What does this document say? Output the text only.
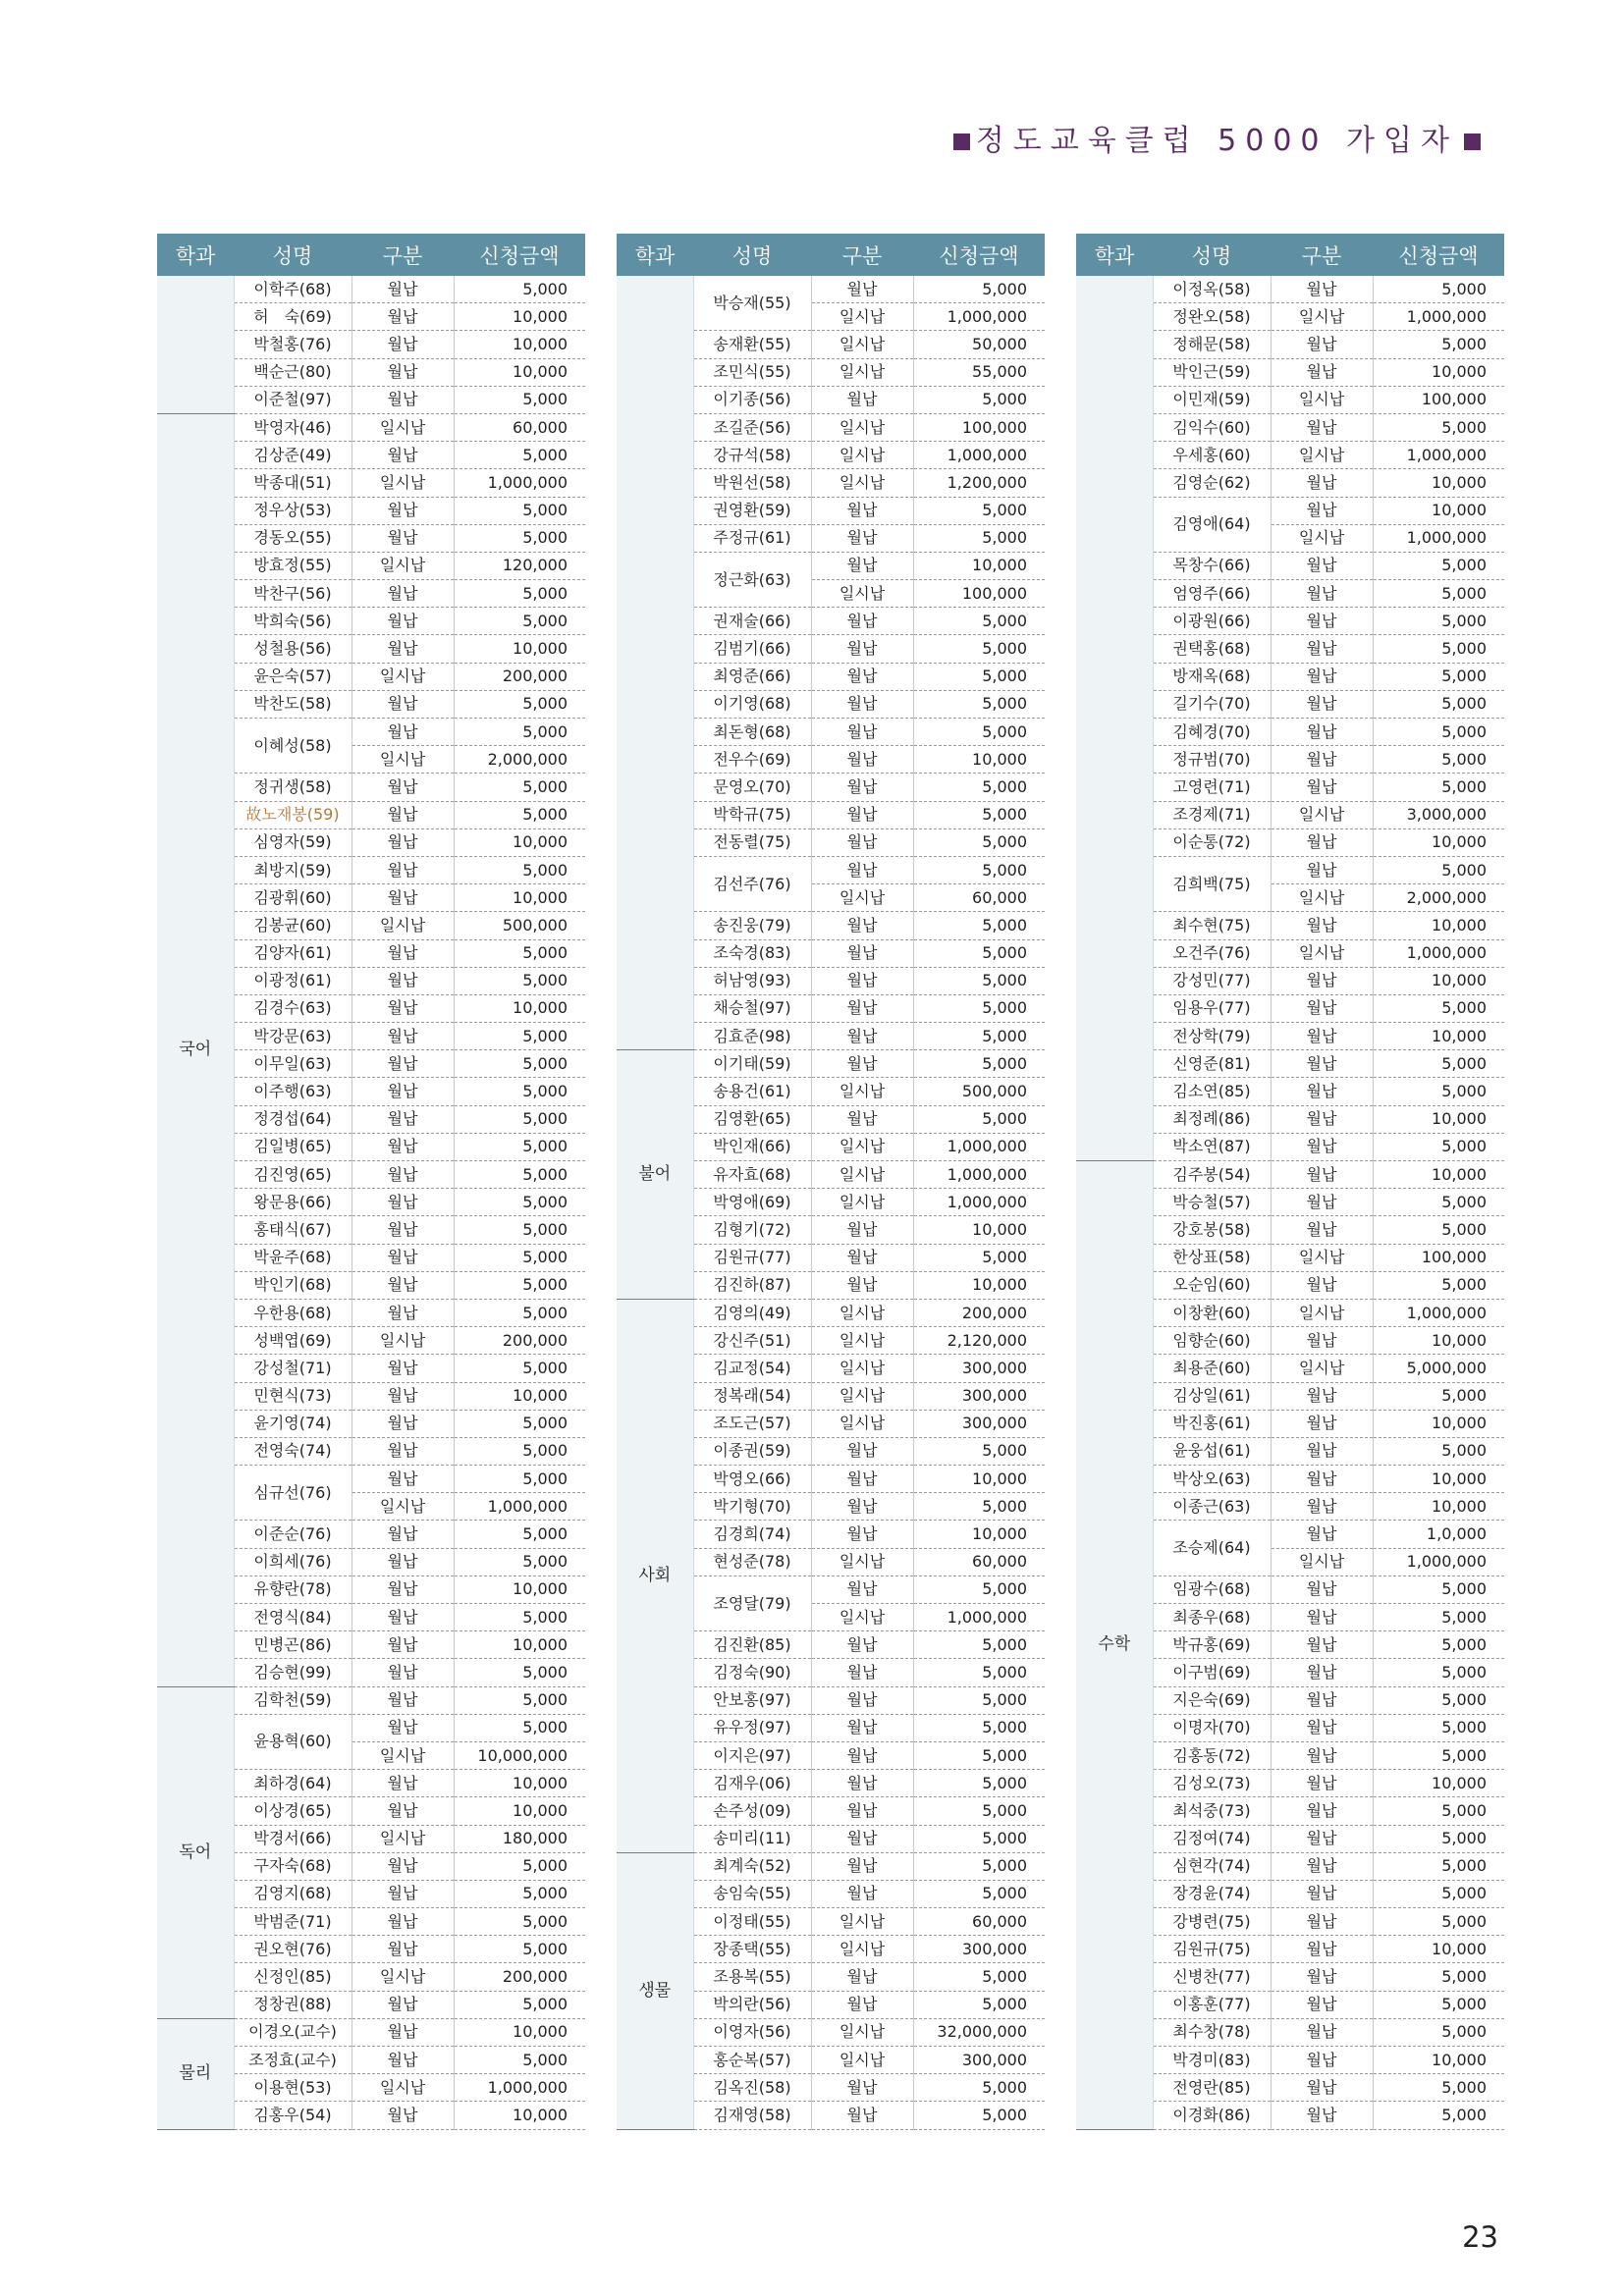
정도교육클럽 5000 가입자
학과	성명	구분	신청금액
	이학주(68)	월납	5,000
	허　숙(69)	월납	10,000
	박철홍(76)	월납	10,000
	백순근(80)	월납	10,000
	이준철(97)	월납	5,000
국어	박영자(46)	일시납	60,000
	김상준(49)	월납	5,000
	박종대(51)	일시납	1,000,000
	정우상(53)	월납	5,000
	경동오(55)	월납	5,000
	방효정(55)	일시납	120,000
	박찬구(56)	월납	5,000
	박희숙(56)	월납	5,000
	성철용(56)	월납	10,000
	윤은숙(57)	일시납	200,000
	박찬도(58)	월납	5,000
	이혜성(58)	월납	5,000
		일시납	2,000,000
	정귀생(58)	월납	5,000
	故노재봉(59)	월납	5,000
	심영자(59)	월납	10,000
	최방지(59)	월납	5,000
	김광휘(60)	월납	10,000
	김봉균(60)	일시납	500,000
	김양자(61)	월납	5,000
	이광정(61)	월납	5,000
	김경수(63)	월납	10,000
	박강문(63)	월납	5,000
	이무일(63)	월납	5,000
	이주행(63)	월납	5,000
	정경섭(64)	월납	5,000
	김일병(65)	월납	5,000
	김진영(65)	월납	5,000
	왕문용(66)	월납	5,000
	홍태식(67)	월납	5,000
	박윤주(68)	월납	5,000
	박인기(68)	월납	5,000
	우한용(68)	월납	5,000
	성백엽(69)	일시납	200,000
	강성철(71)	월납	5,000
	민현식(73)	월납	10,000
	윤기영(74)	월납	5,000
	전영숙(74)	월납	5,000
	심규선(76)	월납	5,000
		일시납	1,000,000
	이준순(76)	월납	5,000
	이희세(76)	월납	5,000
	유향란(78)	월납	10,000
	전영식(84)	월납	5,000
	민병곤(86)	월납	10,000
	김승현(99)	월납	5,000
독어	김학천(59)	월납	5,000
	윤용혁(60)	월납	5,000
		일시납	10,000,000
	최하경(64)	월납	10,000
	이상경(65)	월납	10,000
	박경서(66)	일시납	180,000
	구자숙(68)	월납	5,000
	김영지(68)	월납	5,000
	박범준(71)	월납	5,000
	권오현(76)	월납	5,000
	신정인(85)	일시납	200,000
	정창권(88)	월납	5,000
물리	이경오(교수)	월납	10,000
	조정효(교수)	월납	5,000
	이용현(53)	일시납	1,000,000
	김홍우(54)	월납	10,000
학과	성명	구분	신청금액
	박승재(55)	월납	5,000
		일시납	1,000,000
	송재환(55)	일시납	50,000
	조민식(55)	일시납	55,000
	이기종(56)	월납	5,000
	조길준(56)	일시납	100,000
	강규석(58)	일시납	1,000,000
	박원선(58)	일시납	1,200,000
	권영환(59)	월납	5,000
	주정규(61)	월납	5,000
	정근화(63)	월납	10,000
		일시납	100,000
	권재술(66)	월납	5,000
	김범기(66)	월납	5,000
	최영준(66)	월납	5,000
	이기영(68)	월납	5,000
	최돈형(68)	월납	5,000
	전우수(69)	월납	10,000
	문영오(70)	월납	5,000
	박학규(75)	월납	5,000
	전동렬(75)	월납	5,000
	김선주(76)	월납	5,000
		일시납	60,000
	송진웅(79)	월납	5,000
	조숙경(83)	월납	5,000
	허남영(93)	월납	5,000
	채승철(97)	월납	5,000
	김효준(98)	월납	5,000
불어	이기태(59)	월납	5,000
	송용건(61)	일시납	500,000
	김영환(65)	월납	5,000
	박인재(66)	일시납	1,000,000
	유자효(68)	일시납	1,000,000
	박영애(69)	일시납	1,000,000
	김형기(72)	월납	10,000
	김원규(77)	월납	5,000
	김진하(87)	월납	10,000
사회	김영의(49)	일시납	200,000
	강신주(51)	일시납	2,120,000
	김교정(54)	일시납	300,000
	정복래(54)	일시납	300,000
	조도근(57)	일시납	300,000
	이종권(59)	월납	5,000
	박영오(66)	월납	10,000
	박기형(70)	월납	5,000
	김경희(74)	월납	10,000
	현성준(78)	일시납	60,000
	조영달(79)	월납	5,000
		일시납	1,000,000
	김진환(85)	월납	5,000
	김정숙(90)	월납	5,000
	안보홍(97)	월납	5,000
	유우정(97)	월납	5,000
	이지은(97)	월납	5,000
	김재우(06)	월납	5,000
	손주성(09)	월납	5,000
	송미리(11)	월납	5,000
생물	최계숙(52)	월납	5,000
	송임숙(55)	월납	5,000
	이정태(55)	일시납	60,000
	장종택(55)	일시납	300,000
	조용복(55)	월납	5,000
	박의란(56)	월납	5,000
	이영자(56)	일시납	32,000,000
	홍순복(57)	일시납	300,000
	김옥진(58)	월납	5,000
	김재영(58)	월납	5,000
학과	성명	구분	신청금액
	이정옥(58)	월납	5,000
	정완오(58)	일시납	1,000,000
	정해문(58)	월납	5,000
	박인근(59)	월납	10,000
	이민재(59)	일시납	100,000
	김익수(60)	월납	5,000
	우세홍(60)	일시납	1,000,000
	김영순(62)	월납	10,000
	김영애(64)	월납	10,000
		일시납	1,000,000
	목창수(66)	월납	5,000
	엄영주(66)	월납	5,000
	이광원(66)	월납	5,000
	권택홍(68)	월납	5,000
	방재옥(68)	월납	5,000
	길기수(70)	월납	5,000
	김혜경(70)	월납	5,000
	정규범(70)	월납	5,000
	고영련(71)	월납	5,000
	조경제(71)	일시납	3,000,000
	이순통(72)	월납	10,000
	김희백(75)	월납	5,000
		일시납	2,000,000
	최수현(75)	월납	10,000
	오건주(76)	일시납	1,000,000
	강성민(77)	월납	10,000
	임용우(77)	월납	5,000
	전상학(79)	월납	10,000
	신영준(81)	월납	5,000
	김소연(85)	월납	5,000
	최정례(86)	월납	10,000
	박소연(87)	월납	5,000
수학	김주봉(54)	월납	10,000
	박승철(57)	월납	5,000
	강호봉(58)	월납	5,000
	한상표(58)	일시납	100,000
	오순임(60)	월납	5,000
	이창환(60)	일시납	1,000,000
	임향순(60)	월납	10,000
	최용준(60)	일시납	5,000,000
	김상일(61)	월납	5,000
	박진홍(61)	월납	10,000
	윤웅섭(61)	월납	5,000
	박상오(63)	월납	10,000
	이종근(63)	월납	10,000
	조승제(64)	월납	1,0,000
		일시납	1,000,000
	임광수(68)	월납	5,000
	최종우(68)	월납	5,000
	박규홍(69)	월납	5,000
	이구범(69)	월납	5,000
	지은숙(69)	월납	5,000
	이명자(70)	월납	5,000
	김홍동(72)	월납	5,000
	김성오(73)	월납	10,000
	최석중(73)	월납	5,000
	김정여(74)	월납	5,000
	심현각(74)	월납	5,000
	장경윤(74)	월납	5,000
	강병련(75)	월납	5,000
	김원규(75)	월납	10,000
	신병찬(77)	월납	5,000
	이홍훈(77)	월납	5,000
	최수창(78)	월납	5,000
	박경미(83)	월납	10,000
	전영란(85)	월납	5,000
	이경화(86)	월납	5,000
23
